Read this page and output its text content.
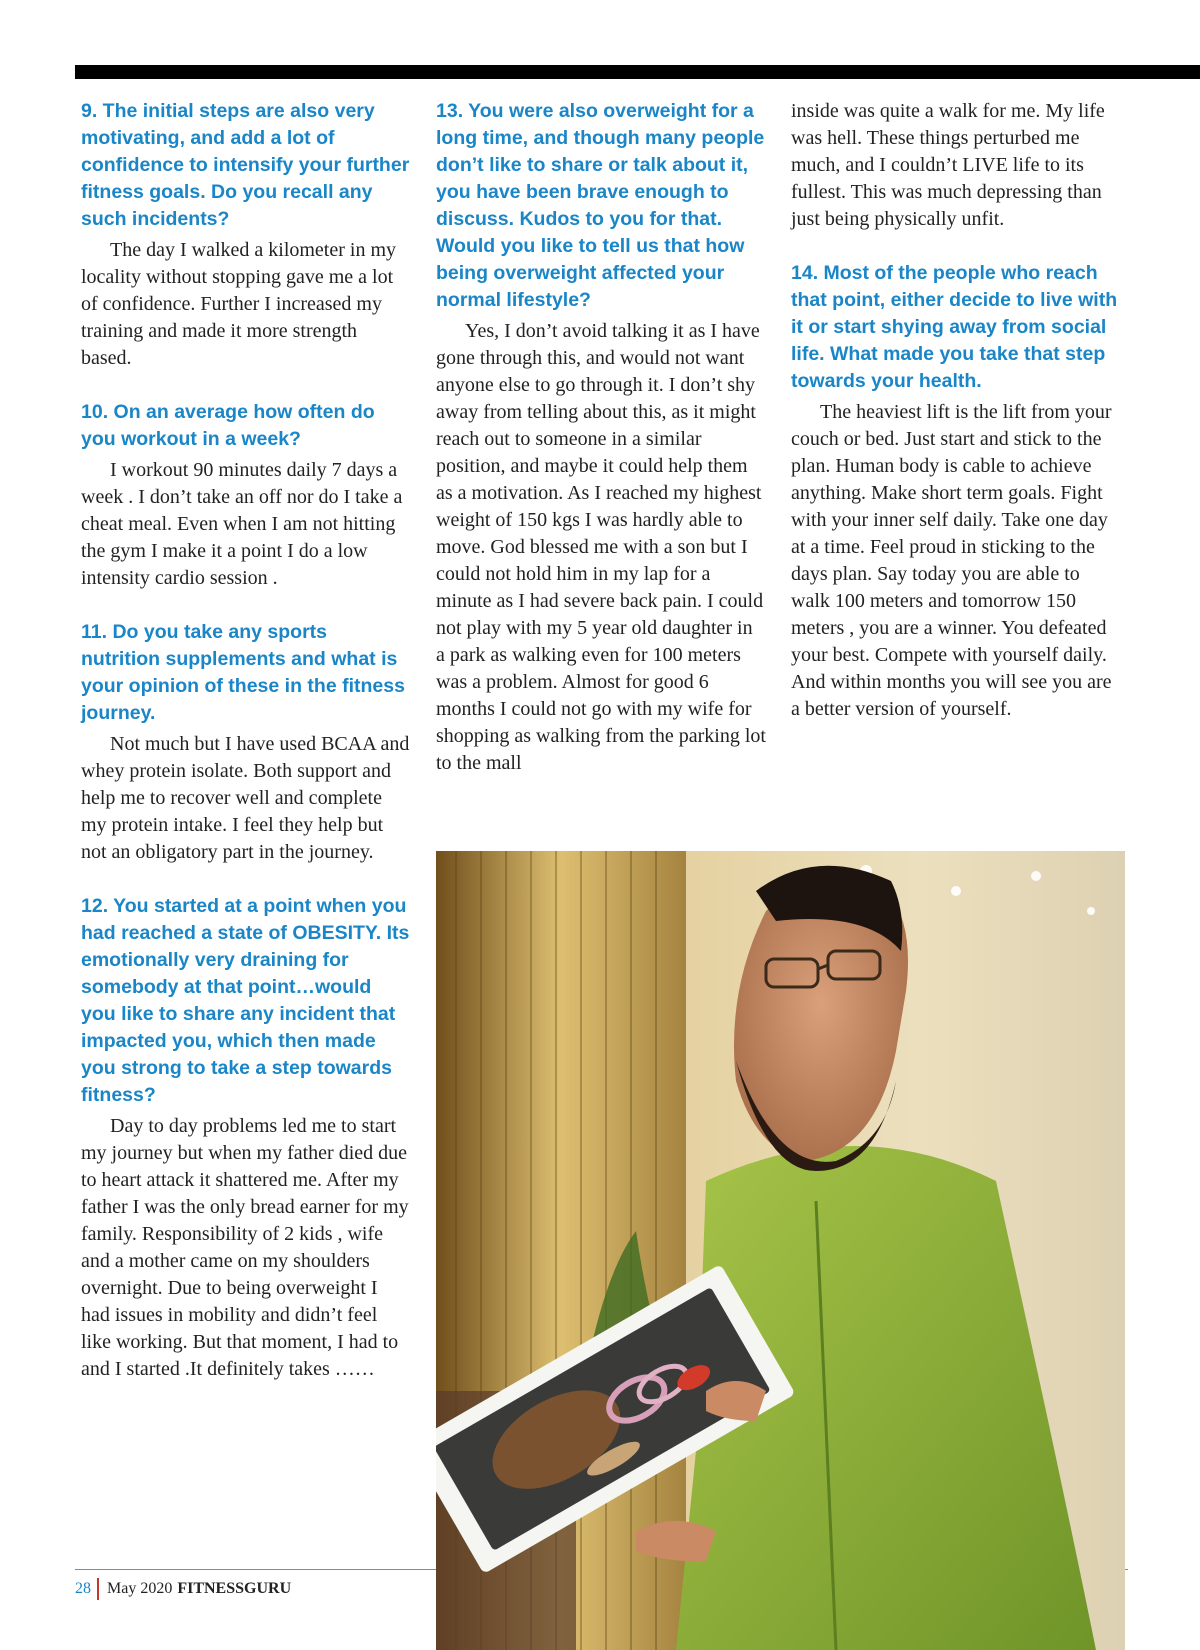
9. The initial steps are also very motivating, and add a lot of confidence to intensify your further fitness goals. Do you recall any such incidents?

The day I walked a kilometer in my locality without stopping gave me a lot of confidence. Further I increased my training and made it more strength based.

10. On an average how often do you workout in a week?

I workout 90 minutes daily 7 days a week . I don’t take an off nor do I take a cheat meal. Even when I am not hitting the gym I make it a point I do a low intensity cardio session .

11. Do you take any sports nutrition supplements and what is your opinion of these in the fitness journey.

Not much but I have used BCAA and whey protein isolate. Both support and help me to recover well and complete my protein intake. I feel they help but not an obligatory part in the journey.

12. You started at a point when you had reached a state of OBESITY. Its emotionally very draining for somebody at that point…would you like to share any incident that impacted you, which then made you strong to take a step towards fitness?

Day to day problems led me to start my journey but when my father died due to heart attack it shattered me. After my father I was the only bread earner for my family. Responsibility of 2 kids , wife and a mother came on my shoulders overnight. Due to being overweight I had issues in mobility and didn’t feel like working. But that moment, I had to and I started .It definitely takes ……

13. You were also overweight for a long time, and though many people don’t like to share or talk about it, you have been brave enough to discuss. Kudos to you for that. Would you like to tell us that how being overweight affected your normal lifestyle?

Yes, I don’t avoid talking it as I have gone through this, and would not want anyone else to go through it. I don’t shy away from telling about this, as it might reach out to someone in a similar position, and maybe it could help them as a motivation. As I reached my highest weight of 150 kgs I was hardly able to move. God blessed me with a son but I could not hold him in my lap for a minute as I had severe back pain. I could not play with my 5 year old daughter in a park as walking even for 100 meters was a problem. Almost for good 6 months I could not go with my wife for shopping as walking from the parking lot to the mall

inside was quite a walk for me. My life was hell. These things perturbed me much, and I couldn’t LIVE life to its fullest. This was much depressing than just being physically unfit.

14. Most of the people who reach that point, either decide to live with it or start shying away from social life. What made you take that step towards your health.

The heaviest lift is the lift from your couch or bed. Just start and stick to the plan. Human body is cable to achieve anything. Make short term goals. Fight with your inner self daily. Take one day at a time. Feel proud in sticking to the days plan. Say today you are able to walk 100 meters and tomorrow 150 meters , you are a winner. You defeated your best. Compete with yourself daily. And within months you will see you are a better version of yourself.

28	May 2020 FITNESSGURU
